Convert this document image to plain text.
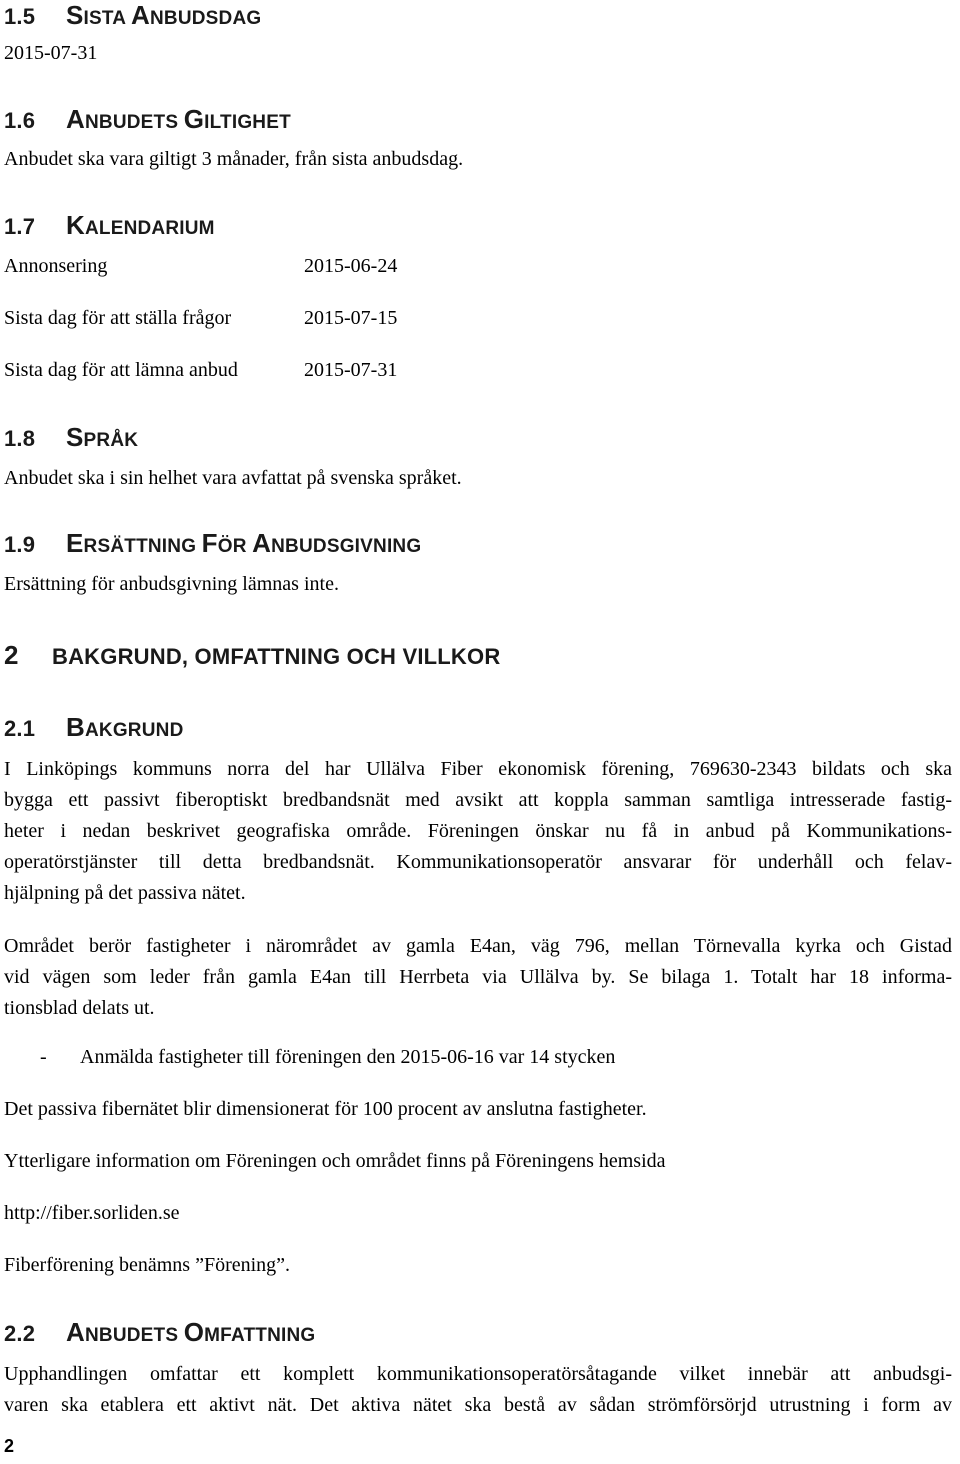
1.5 SISTA ANBUDSDAG
2015-07-31
1.6 ANBUDETS GILTIGHET
Anbudet ska vara giltigt 3 månader, från sista anbudsdag.
1.7 KALENDARIUM
Annonsering	2015-06-24
Sista dag för att ställa frågor	2015-07-15
Sista dag för att lämna anbud	2015-07-31
1.8 SPRÅK
Anbudet ska i sin helhet vara avfattat på svenska språket.
1.9 ERSÄTTNING FÖR ANBUDSGIVNING
Ersättning för anbudsgivning lämnas inte.
2 BAKGRUND, OMFATTNING OCH VILLKOR
2.1 BAKGRUND
I Linköpings kommuns norra del har Ullälva Fiber ekonomisk förening, 769630-2343 bildats och ska
bygga ett passivt fiberoptiskt bredbandsnät med avsikt att koppla samman samtliga intresserade fastig-
heter i nedan beskrivet geografiska område. Föreningen önskar nu få in anbud på Kommunikations-
operatörstjänster till detta bredbandsnät. Kommunikationsoperatör ansvarar för underhåll och felav-
hjälpning på det passiva nätet.
Området berör fastigheter i närområdet av gamla E4an, väg 796, mellan Törnevalla kyrka och Gistad
vid vägen som leder från gamla E4an till Herrbeta via Ullälva by. Se bilaga 1. Totalt har 18 informa-
tionsblad delats ut.
- Anmälda fastigheter till föreningen den 2015-06-16 var 14 stycken
Det passiva fibernätet blir dimensionerat för 100 procent av anslutna fastigheter.
Ytterligare information om Föreningen och området finns på Föreningens hemsida
http://fiber.sorliden.se
Fiberförening benämns ”Förening”.
2.2 ANBUDETS OMFATTNING
Upphandlingen omfattar ett komplett kommunikationsoperatörsåtagande vilket innebär att anbudsgi-
varen ska etablera ett aktivt nät. Det aktiva nätet ska bestå av sådan strömförsörjd utrustning i form av
2
